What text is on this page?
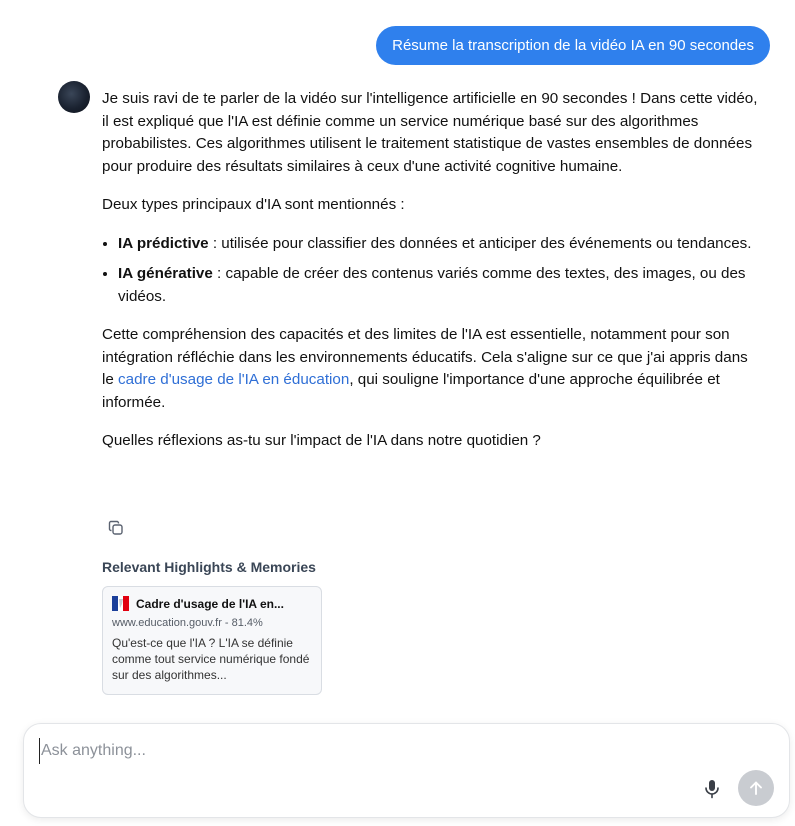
Résume la transcription de la vidéo IA en 90 secondes

Je suis ravi de te parler de la vidéo sur l'intelligence artificielle en 90 secondes ! Dans cette vidéo, il est expliqué que l'IA est définie comme un service numérique basé sur des algorithmes probabilistes. Ces algorithmes utilisent le traitement statistique de vastes ensembles de données pour produire des résultats similaires à ceux d'une activité cognitive humaine.

Deux types principaux d'IA sont mentionnés :

• IA prédictive : utilisée pour classifier des données et anticiper des événements ou tendances.
• IA générative : capable de créer des contenus variés comme des textes, des images, ou des vidéos.

Cette compréhension des capacités et des limites de l'IA est essentielle, notamment pour son intégration réfléchie dans les environnements éducatifs. Cela s'aligne sur ce que j'ai appris dans le cadre d'usage de l'IA en éducation, qui souligne l'importance d'une approche équilibrée et informée.

Quelles réflexions as-tu sur l'impact de l'IA dans notre quotidien ?

Relevant Highlights & Memories
Cadre d'usage de l'IA en...
www.education.gouv.fr - 81.4%
Qu'est-ce que l'IA ? L'IA se définie comme tout service numérique fondé sur des algorithmes...
Ask anything...
